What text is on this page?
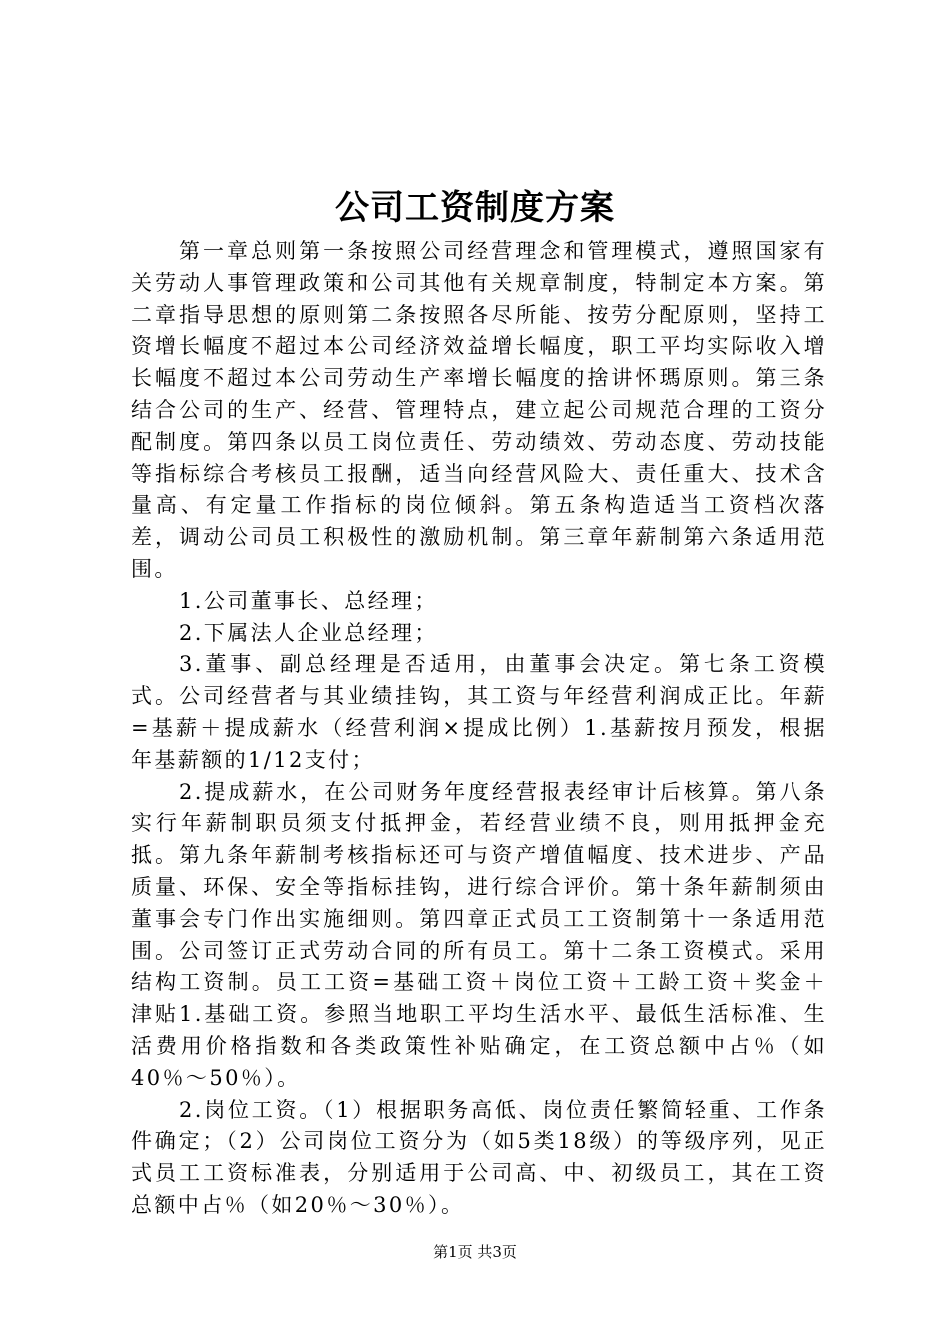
公司工资制度方案

第一章总则第一条按照公司经营理念和管理模式，遵照国家有关劳动人事管理政策和公司其他有关规章制度，特制定本方案。第二章指导思想的原则第二条按照各尽所能、按劳分配原则，坚持工资增长幅度不超过本公司经济效益增长幅度，职工平均实际收入增长幅度不超过本公司劳动生产率增长幅度的捨讲怀瑪原则。第三条结合公司的生产、经营、管理特点，建立起公司规范合理的工资分配制度。第四条以员工岗位责任、劳动绩效、劳动态度、劳动技能等指标综合考核员工报酬，适当向经营风险大、责任重大、技术含量高、有定量工作指标的岗位倾斜。第五条构造适当工资档次落差，调动公司员工积极性的激励机制。第三章年薪制第六条适用范围。

1.公司董事长、总经理；

2.下属法人企业总经理；

3.董事、副总经理是否适用，由董事会决定。第七条工资模式。公司经营者与其业绩挂钩，其工资与年经营利润成正比。年薪=基薪＋提成薪水（经营利润×提成比例）1.基薪按月预发，根据年基薪额的1/12支付；

2.提成薪水，在公司财务年度经营报表经审计后核算。第八条实行年薪制职员须支付抵押金，若经营业绩不良，则用抵押金充抵。第九条年薪制考核指标还可与资产增值幅度、技术进步、产品质量、环保、安全等指标挂钩，进行综合评价。第十条年薪制须由董事会专门作出实施细则。第四章正式员工工资制第十一条适用范围。公司签订正式劳动合同的所有员工。第十二条工资模式。采用结构工资制。员工工资=基础工资＋岗位工资＋工龄工资＋奖金＋津贴1.基础工资。参照当地职工平均生活水平、最低生活标准、生活费用价格指数和各类政策性补贴确定，在工资总额中占％（如40％～50％）。

2.岗位工资。（1）根据职务高低、岗位责任繁简轻重、工作条件确定；（2）公司岗位工资分为（如5类18级）的等级序列，见正式员工工资标准表，分别适用于公司高、中、初级员工，其在工资总额中占％（如20％～30％）。

第1页 共3页
